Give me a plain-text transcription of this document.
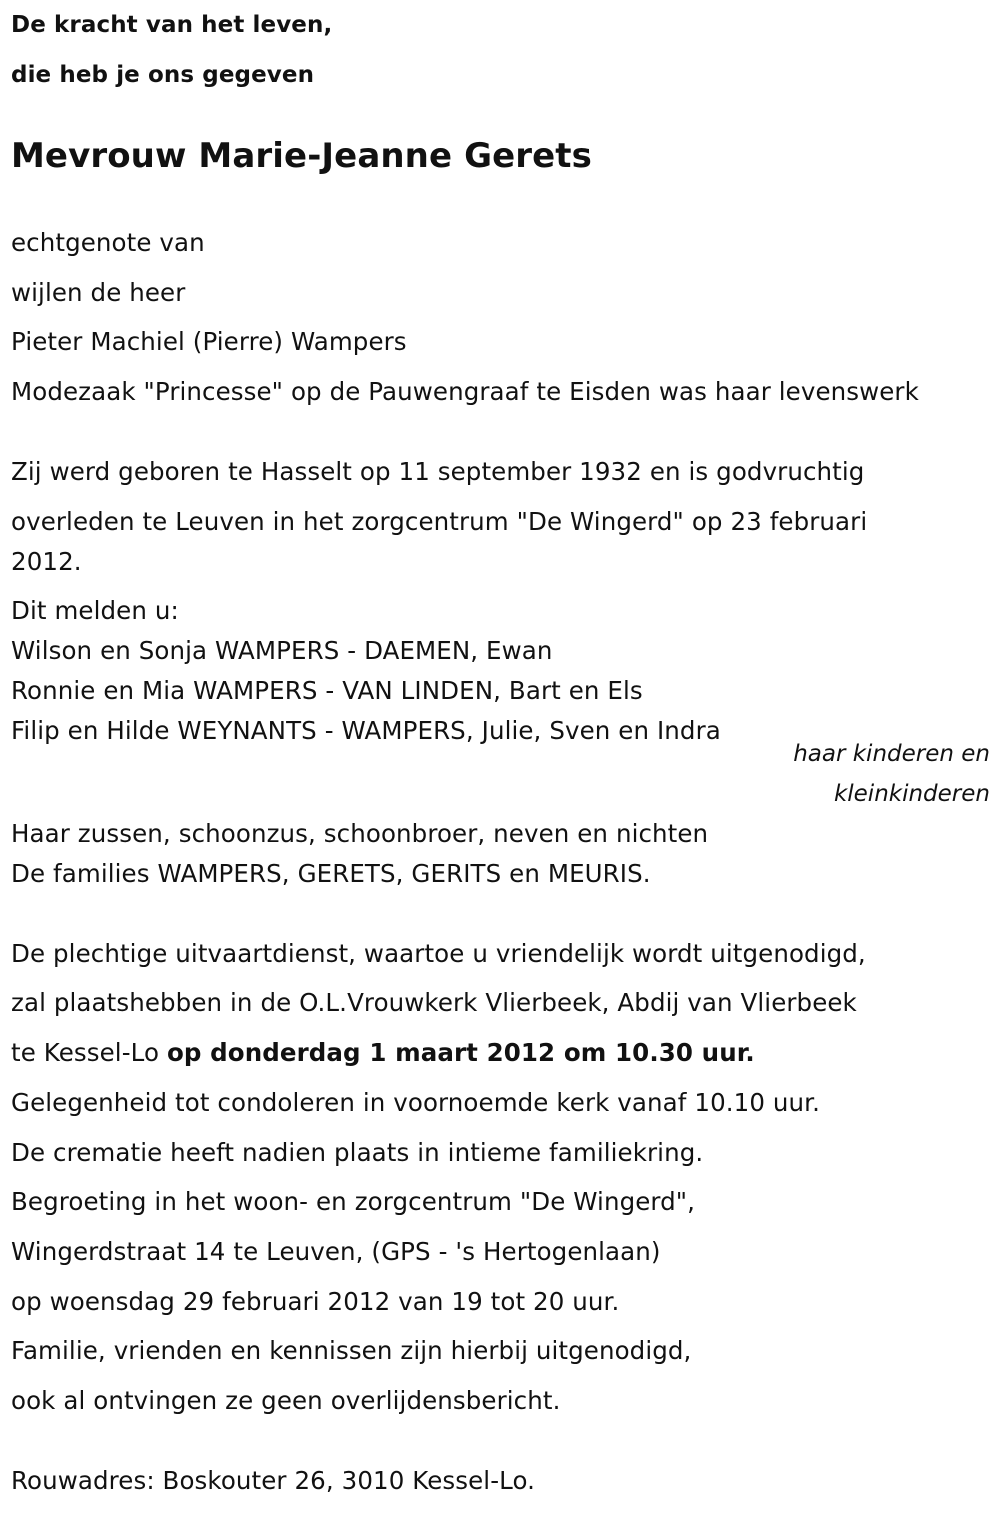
De kracht van het leven,
die heb je ons gegeven
Mevrouw Marie-Jeanne Gerets
echtgenote van
wijlen de heer
Pieter Machiel (Pierre) Wampers
Modezaak "Princesse" op de Pauwengraaf te Eisden was haar levenswerk
Zij werd geboren te Hasselt op 11 september 1932 en is godvruchtig
overleden te Leuven in het zorgcentrum "De Wingerd" op 23 februari
2012.
Dit melden u:
Wilson en Sonja WAMPERS - DAEMEN, Ewan
Ronnie en Mia WAMPERS - VAN LINDEN, Bart en Els
Filip en Hilde WEYNANTS - WAMPERS, Julie, Sven en Indra
haar kinderen en
kleinkinderen
Haar zussen, schoonzus, schoonbroer, neven en nichten
De families WAMPERS, GERETS, GERITS en MEURIS.
De plechtige uitvaartdienst, waartoe u vriendelijk wordt uitgenodigd,
zal plaatshebben in de O.L.Vrouwkerk Vlierbeek, Abdij van Vlierbeek
te Kessel-Lo op donderdag 1 maart 2012 om 10.30 uur.
Gelegenheid tot condoleren in voornoemde kerk vanaf 10.10 uur.
De crematie heeft nadien plaats in intieme familiekring.
Begroeting in het woon- en zorgcentrum "De Wingerd",
Wingerdstraat 14 te Leuven, (GPS - 's Hertogenlaan)
op woensdag 29 februari 2012 van 19 tot 20 uur.
Familie, vrienden en kennissen zijn hierbij uitgenodigd,
ook al ontvingen ze geen overlijdensbericht.
Rouwadres: Boskouter 26, 3010 Kessel-Lo.
